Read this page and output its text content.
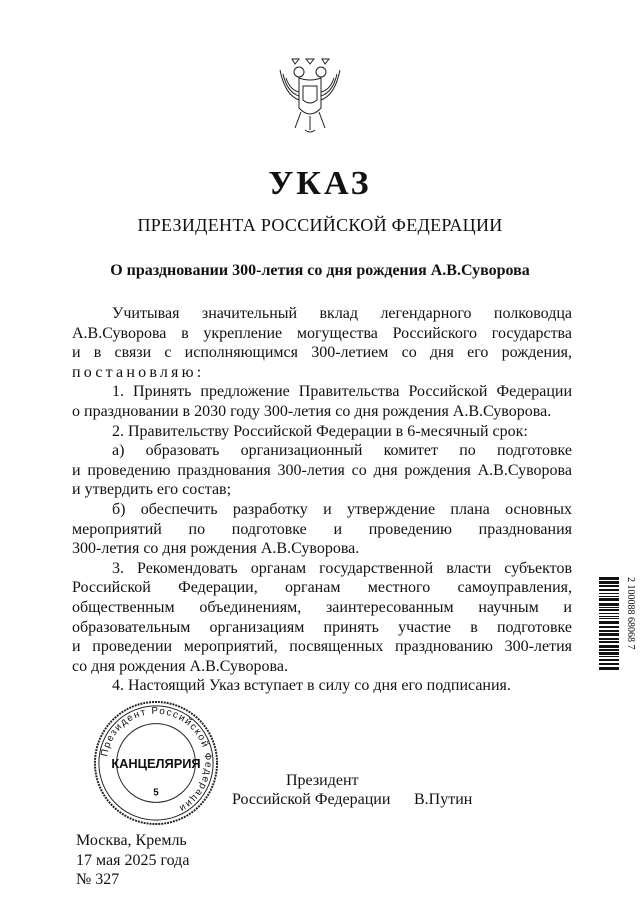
УКАЗ
ПРЕЗИДЕНТА РОССИЙСКОЙ ФЕДЕРАЦИИ
О праздновании 300-летия со дня рождения А.В.Суворова
Учитывая значительный вклад легендарного полководца
А.В.Суворова в укрепление могущества Российского государства
и в связи с исполняющимся 300-летием со дня его рождения,
постановляю:
1. Принять предложение Правительства Российской Федерации
о праздновании в 2030 году 300-летия со дня рождения А.В.Суворова.
2. Правительству Российской Федерации в 6-месячный срок:
а) образовать организационный комитет по подготовке
и проведению празднования 300-летия со дня рождения А.В.Суворова
и утвердить его состав;
б) обеспечить разработку и утверждение плана основных
мероприятий по подготовке и проведению празднования
300-летия со дня рождения А.В.Суворова.
3. Рекомендовать органам государственной власти субъектов
Российской Федерации, органам местного самоуправления,
общественным объединениям, заинтересованным научным и
образовательным организациям принять участие в подготовке
и проведении мероприятий, посвященных празднованию 300-летия
со дня рождения А.В.Суворова.
4. Настоящий Указ вступает в силу со дня его подписания.
Президент Российской Федерации
КАНЦЕЛЯРИЯ
5
Президент
Российской Федерации В.Путин
Москва, Кремль
17 мая 2025 года
№ 327
2 100088 68068 7
